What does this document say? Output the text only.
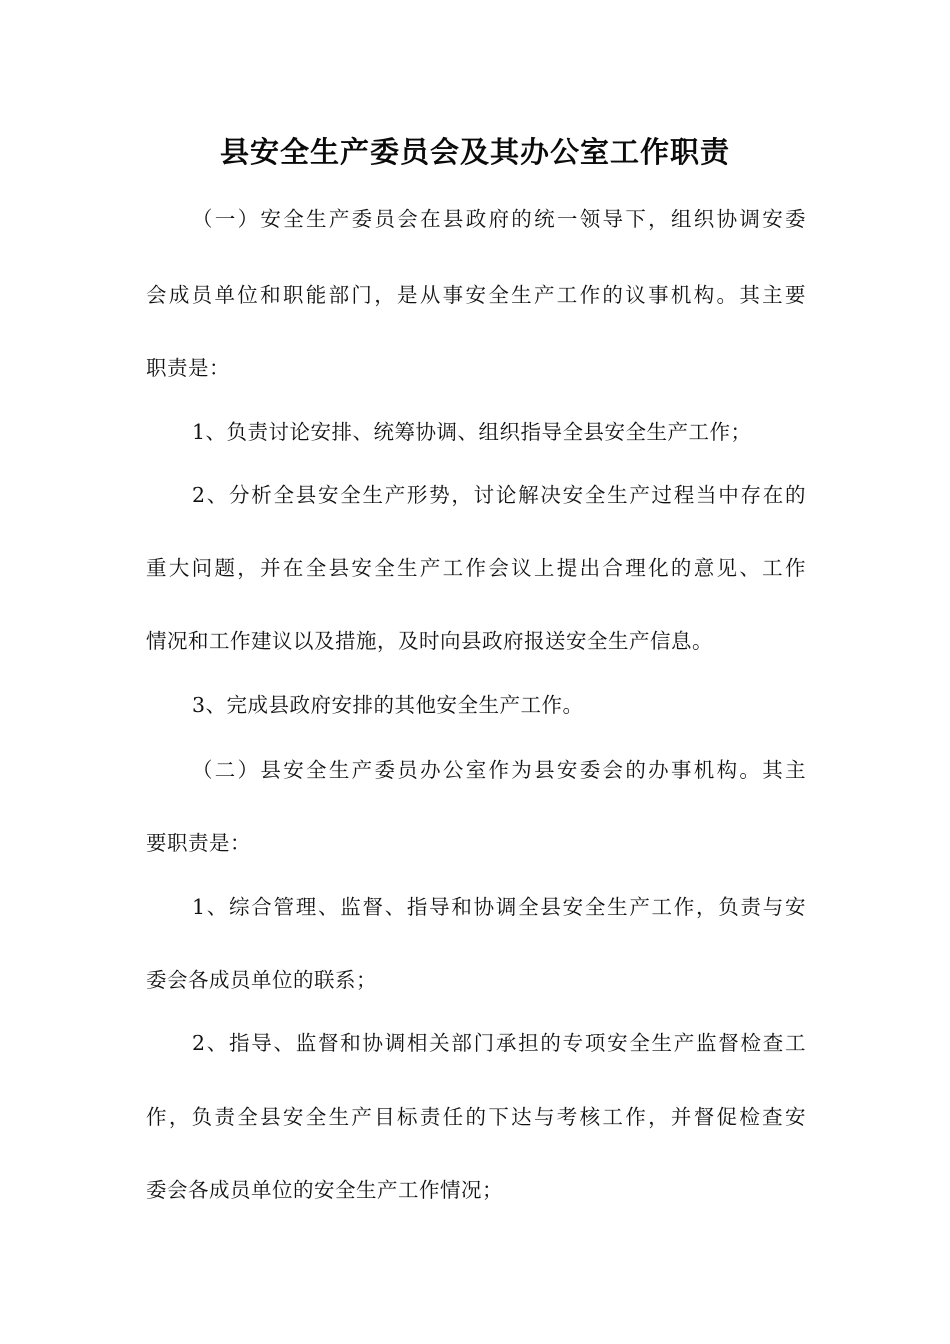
县安全生产委员会及其办公室工作职责
（一）安全生产委员会在县政府的统一领导下，组织协调安委
会成员单位和职能部门，是从事安全生产工作的议事机构。其主要
职责是：
1、负责讨论安排、统筹协调、组织指导全县安全生产工作；
2、分析全县安全生产形势，讨论解决安全生产过程当中存在的
重大问题，并在全县安全生产工作会议上提出合理化的意见、工作
情况和工作建议以及措施，及时向县政府报送安全生产信息。
3、完成县政府安排的其他安全生产工作。
（二）县安全生产委员办公室作为县安委会的办事机构。其主
要职责是：
1、综合管理、监督、指导和协调全县安全生产工作，负责与安
委会各成员单位的联系；
2、指导、监督和协调相关部门承担的专项安全生产监督检查工
作，负责全县安全生产目标责任的下达与考核工作，并督促检查安
委会各成员单位的安全生产工作情况；
